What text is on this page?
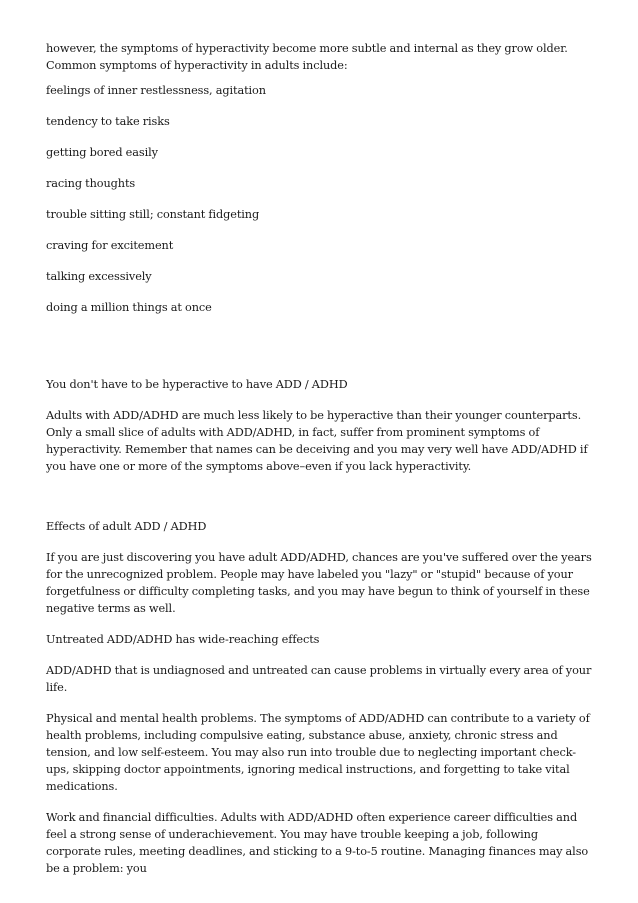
however, the symptoms of hyperactivity become more subtle and internal as they grow older. Common symptoms of hyperactivity in adults include:

feelings of inner restlessness, agitation

tendency to take risks

getting bored easily

racing thoughts

trouble sitting still; constant fidgeting

craving for excitement

talking excessively

doing a million things at once

You don't have to be hyperactive to have ADD / ADHD

Adults with ADD/ADHD are much less likely to be hyperactive than their younger counterparts. Only a small slice of adults with ADD/ADHD, in fact, suffer from prominent symptoms of hyperactivity. Remember that names can be deceiving and you may very well have ADD/ADHD if you have one or more of the symptoms above–even if you lack hyperactivity.

Effects of adult ADD / ADHD

If you are just discovering you have adult ADD/ADHD, chances are you've suffered over the years for the unrecognized problem. People may have labeled you "lazy" or "stupid" because of your forgetfulness or difficulty completing tasks, and you may have begun to think of yourself in these negative terms as well.

Untreated ADD/ADHD has wide-reaching effects

ADD/ADHD that is undiagnosed and untreated can cause problems in virtually every area of your life.

Physical and mental health problems. The symptoms of ADD/ADHD can contribute to a variety of health problems, including compulsive eating, substance abuse, anxiety, chronic stress and tension, and low self-esteem. You may also run into trouble due to neglecting important check-ups, skipping doctor appointments, ignoring medical instructions, and forgetting to take vital medications.

Work and financial difficulties. Adults with ADD/ADHD often experience career difficulties and feel a strong sense of underachievement. You may have trouble keeping a job, following corporate rules, meeting deadlines, and sticking to a 9-to-5 routine. Managing finances may also be a problem: you
